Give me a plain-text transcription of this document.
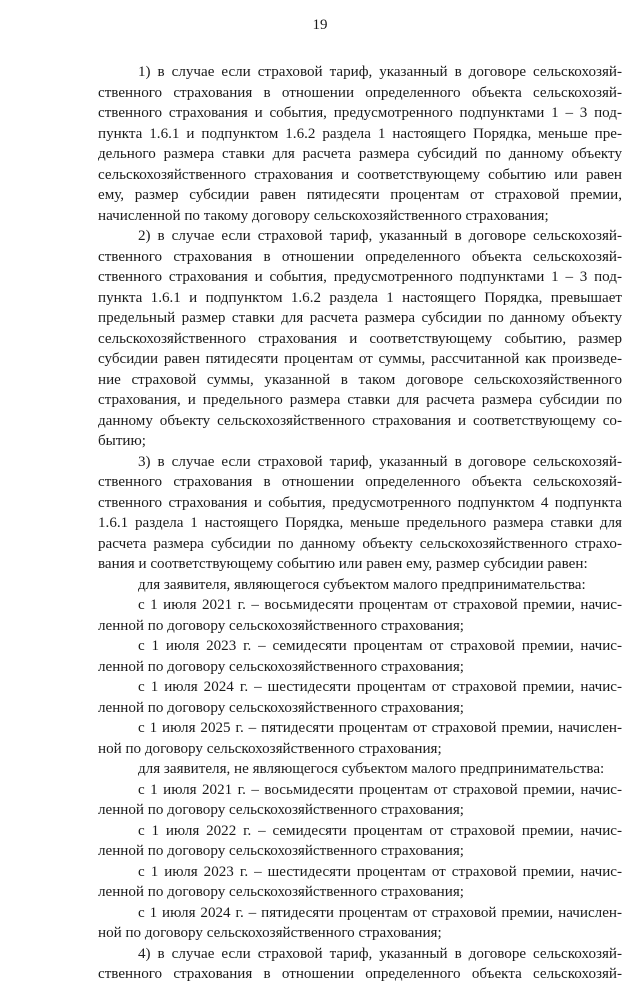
19
1) в случае если страховой тариф, указанный в договоре сельскохозяй-
ственного страхования в отношении определенного объекта сельскохозяй-
ственного страхования и события, предусмотренного подпунктами 1 – 3 под-
пункта 1.6.1 и подпунктом 1.6.2 раздела 1 настоящего Порядка, меньше пре-
дельного размера ставки для расчета размера субсидий по данному объекту
сельскохозяйственного страхования и соответствующему событию или равен
ему, размер субсидии равен пятидесяти процентам от страховой премии,
начисленной по такому договору сельскохозяйственного страхования;
2) в случае если страховой тариф, указанный в договоре сельскохозяй-
ственного страхования в отношении определенного объекта сельскохозяй-
ственного страхования и события, предусмотренного подпунктами 1 – 3 под-
пункта 1.6.1 и подпунктом 1.6.2 раздела 1 настоящего Порядка, превышает
предельный размер ставки для расчета размера субсидии по данному объекту
сельскохозяйственного страхования и соответствующему событию, размер
субсидии равен пятидесяти процентам от суммы, рассчитанной как произведе-
ние страховой суммы, указанной в таком договоре сельскохозяйственного
страхования, и предельного размера ставки для расчета размера субсидии по
данному объекту сельскохозяйственного страхования и соответствующему со-
бытию;
3) в случае если страховой тариф, указанный в договоре сельскохозяй-
ственного страхования в отношении определенного объекта сельскохозяй-
ственного страхования и события, предусмотренного подпунктом 4 подпункта
1.6.1 раздела 1 настоящего Порядка, меньше предельного размера ставки для
расчета размера субсидии по данному объекту сельскохозяйственного страхо-
вания и соответствующему событию или равен ему, размер субсидии равен:
для заявителя, являющегося субъектом малого предпринимательства:
с 1 июля 2021 г. – восьмидесяти процентам от страховой премии, начис-
ленной по договору сельскохозяйственного страхования;
с 1 июля 2023 г. – семидесяти процентам от страховой премии, начис-
ленной по договору сельскохозяйственного страхования;
с 1 июля 2024 г. – шестидесяти процентам от страховой премии, начис-
ленной по договору сельскохозяйственного страхования;
с 1 июля 2025 г. – пятидесяти процентам от страховой премии, начислен-
ной по договору сельскохозяйственного страхования;
для заявителя, не являющегося субъектом малого предпринимательства:
с 1 июля 2021 г. – восьмидесяти процентам от страховой премии, начис-
ленной по договору сельскохозяйственного страхования;
с 1 июля 2022 г. – семидесяти процентам от страховой премии, начис-
ленной по договору сельскохозяйственного страхования;
с 1 июля 2023 г. – шестидесяти процентам от страховой премии, начис-
ленной по договору сельскохозяйственного страхования;
с 1 июля 2024 г. – пятидесяти процентам от страховой премии, начислен-
ной по договору сельскохозяйственного страхования;
4) в случае если страховой тариф, указанный в договоре сельскохозяй-
ственного страхования в отношении определенного объекта сельскохозяй-
